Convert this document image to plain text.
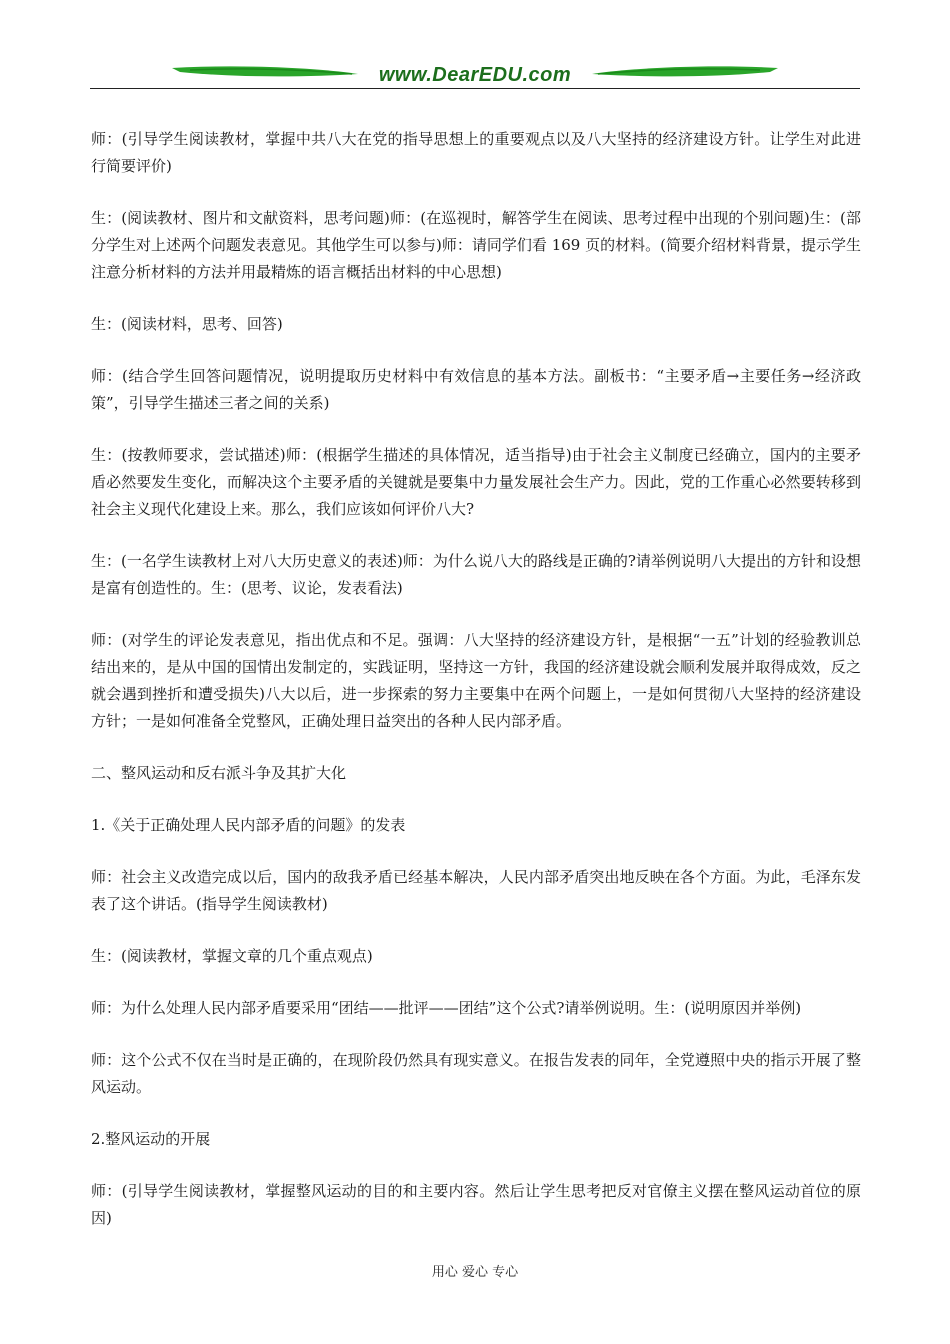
www.DearEDU.com

师：(引导学生阅读教材，掌握中共八大在党的指导思想上的重要观点以及八大坚持的经济建设方针。让学生对此进行简要评价)

生：(阅读教材、图片和文献资料，思考问题)师：(在巡视时，解答学生在阅读、思考过程中出现的个别问题)生：(部分学生对上述两个问题发表意见。其他学生可以参与)师：请同学们看 169 页的材料。(简要介绍材料背景，提示学生注意分析材料的方法并用最精炼的语言概括出材料的中心思想)

生：(阅读材料，思考、回答)

师：(结合学生回答问题情况，说明提取历史材料中有效信息的基本方法。副板书：“主要矛盾→主要任务→经济政策”，引导学生描述三者之间的关系)

生：(按教师要求，尝试描述)师：(根据学生描述的具体情况，适当指导)由于社会主义制度已经确立，国内的主要矛盾必然要发生变化，而解决这个主要矛盾的关键就是要集中力量发展社会生产力。因此，党的工作重心必然要转移到社会主义现代化建设上来。那么，我们应该如何评价八大?

生：(一名学生读教材上对八大历史意义的表述)师：为什么说八大的路线是正确的?请举例说明八大提出的方针和设想是富有创造性的。生：(思考、议论，发表看法)

师：(对学生的评论发表意见，指出优点和不足。强调：八大坚持的经济建设方针，是根据“一五”计划的经验教训总结出来的，是从中国的国情出发制定的，实践证明，坚持这一方针，我国的经济建设就会顺利发展并取得成效，反之就会遇到挫折和遭受损失)八大以后，进一步探索的努力主要集中在两个问题上，一是如何贯彻八大坚持的经济建设方针；一是如何准备全党整风，正确处理日益突出的各种人民内部矛盾。

二、整风运动和反右派斗争及其扩大化

1.《关于正确处理人民内部矛盾的问题》的发表

师：社会主义改造完成以后，国内的敌我矛盾已经基本解决，人民内部矛盾突出地反映在各个方面。为此，毛泽东发表了这个讲话。(指导学生阅读教材)

生：(阅读教材，掌握文章的几个重点观点)

师：为什么处理人民内部矛盾要采用“团结——批评——团结”这个公式?请举例说明。生：(说明原因并举例)

师：这个公式不仅在当时是正确的，在现阶段仍然具有现实意义。在报告发表的同年，全党遵照中央的指示开展了整风运动。

2.整风运动的开展

师：(引导学生阅读教材，掌握整风运动的目的和主要内容。然后让学生思考把反对官僚主义摆在整风运动首位的原因)

用心 爱心 专心
